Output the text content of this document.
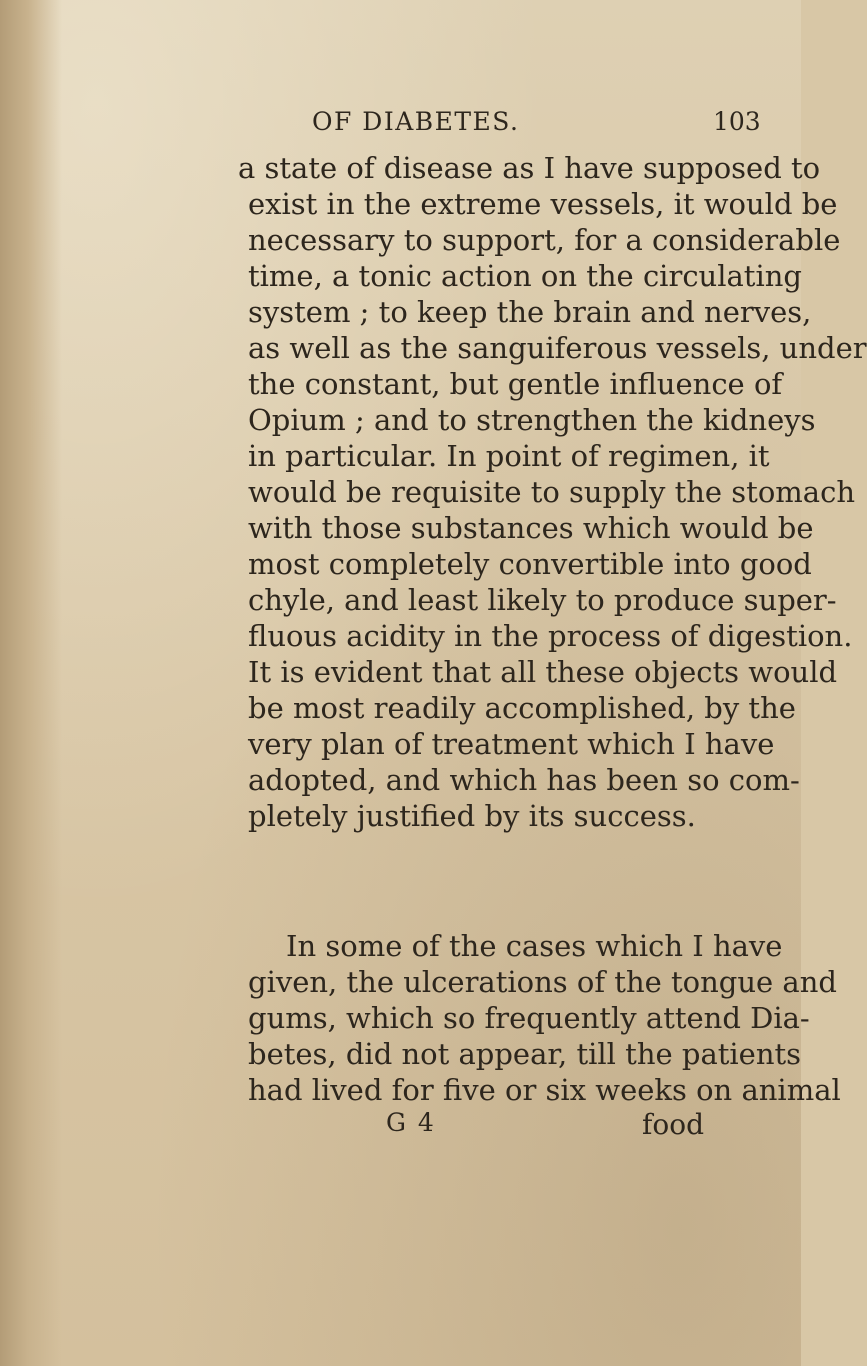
OF DIABETES.	103
a state of disease as I have supposed to
exist in the extreme vessels, it would be
necessary to support, for a considerable
time, a tonic action on the circulating
system ; to keep the brain and nerves,
as well as the sanguiferous vessels, under
the constant, but gentle influence of
Opium ; and to strengthen the kidneys
in particular. In point of regimen, it
would be requisite to supply the stomach
with those substances which would be
most completely convertible into good
chyle, and least likely to produce super-
fluous acidity in the process of digestion.
It is evident that all these objects would
be most readily accomplished, by the
very plan of treatment which I have
adopted, and which has been so com-
pletely justified by its success.
In some of the cases which I have
given, the ulcerations of the tongue and
gums, which so frequently attend Dia-
betes, did not appear, till the patients
had lived for five or six weeks on animal
G 4	food
